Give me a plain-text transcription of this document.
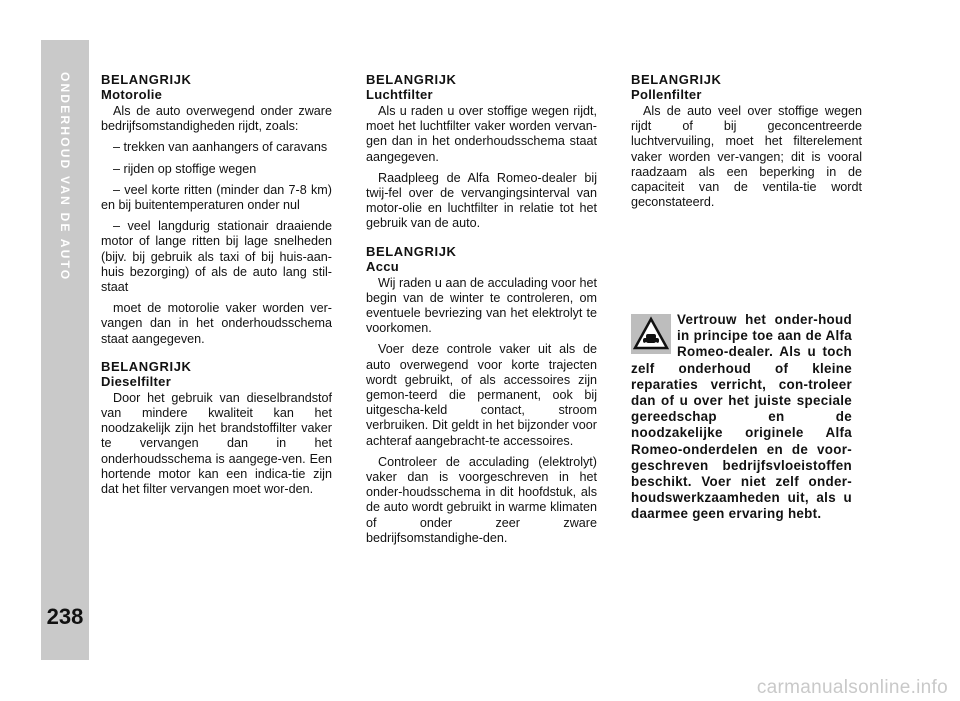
ONDERHOUD VAN DE AUTO
238
BELANGRIJK
Motorolie

Als de auto overwegend onder zware bedrijfsomstandigheden rijdt, zoals:

– trekken van aanhangers of caravans

– rijden op stoffige wegen

– veel korte ritten (minder dan 7-8 km) en bij buitentemperaturen onder nul

– veel langdurig stationair draaiende motor of lange ritten bij lage snelheden (bijv. bij gebruik als taxi of bij huis-aan-huis bezorging) of als de auto lang stil-staat

moet de motorolie vaker worden ver-vangen dan in het onderhoudsschema staat aangegeven.

BELANGRIJK
Dieselfilter

Door het gebruik van dieselbrandstof van mindere kwaliteit kan het noodzakelijk zijn het brandstoffilter vaker te vervangen dan in het onderhoudsschema is aangege-ven. Een hortende motor kan een indica-tie zijn dat het filter vervangen moet wor-den.

BELANGRIJK
Luchtfilter

Als u raden u over stoffige wegen rijdt, moet het luchtfilter vaker worden vervan-gen dan in het onderhoudsschema staat aangegeven.

Raadpleeg de Alfa Romeo-dealer bij twij-fel over de vervangingsinterval van motor-olie en luchtfilter in relatie tot het gebruik van de auto.

BELANGRIJK
Accu

Wij raden u aan de acculading voor het begin van de winter te controleren, om eventuele bevriezing van het elektrolyt te voorkomen.

Voer deze controle vaker uit als de auto overwegend voor korte trajecten wordt gebruikt, of als accessoires zijn gemon-teerd die permanent, ook bij uitgescha-keld contact, stroom verbruiken. Dit geldt in het bijzonder voor achteraf aangebracht-te accessoires.

Controleer de acculading (elektrolyt) vaker dan is voorgeschreven in het onder-houdsschema in dit hoofdstuk, als de auto wordt gebruikt in warme klimaten of onder zeer zware bedrijfsomstandighe-den.

BELANGRIJK
Pollenfilter

Als de auto veel over stoffige wegen rijdt of bij geconcentreerde luchtvervuiling, moet het filterelement vaker worden ver-vangen; dit is vooral raadzaam als een beperking in de capaciteit van de ventila-tie wordt geconstateerd.

Vertrouw het onder-houd in principe toe aan de Alfa Romeo-dealer. Als u toch zelf onderhoud of kleine reparaties verricht, con-troleer dan of u over het juiste speciale gereedschap en de noodzakelijke originele Alfa Romeo-onderdelen en de voor-geschreven bedrijfsvloeistoffen beschikt. Voer niet zelf onder-houdswerkzaamheden uit, als u daarmee geen ervaring hebt.
carmanualsonline.info
